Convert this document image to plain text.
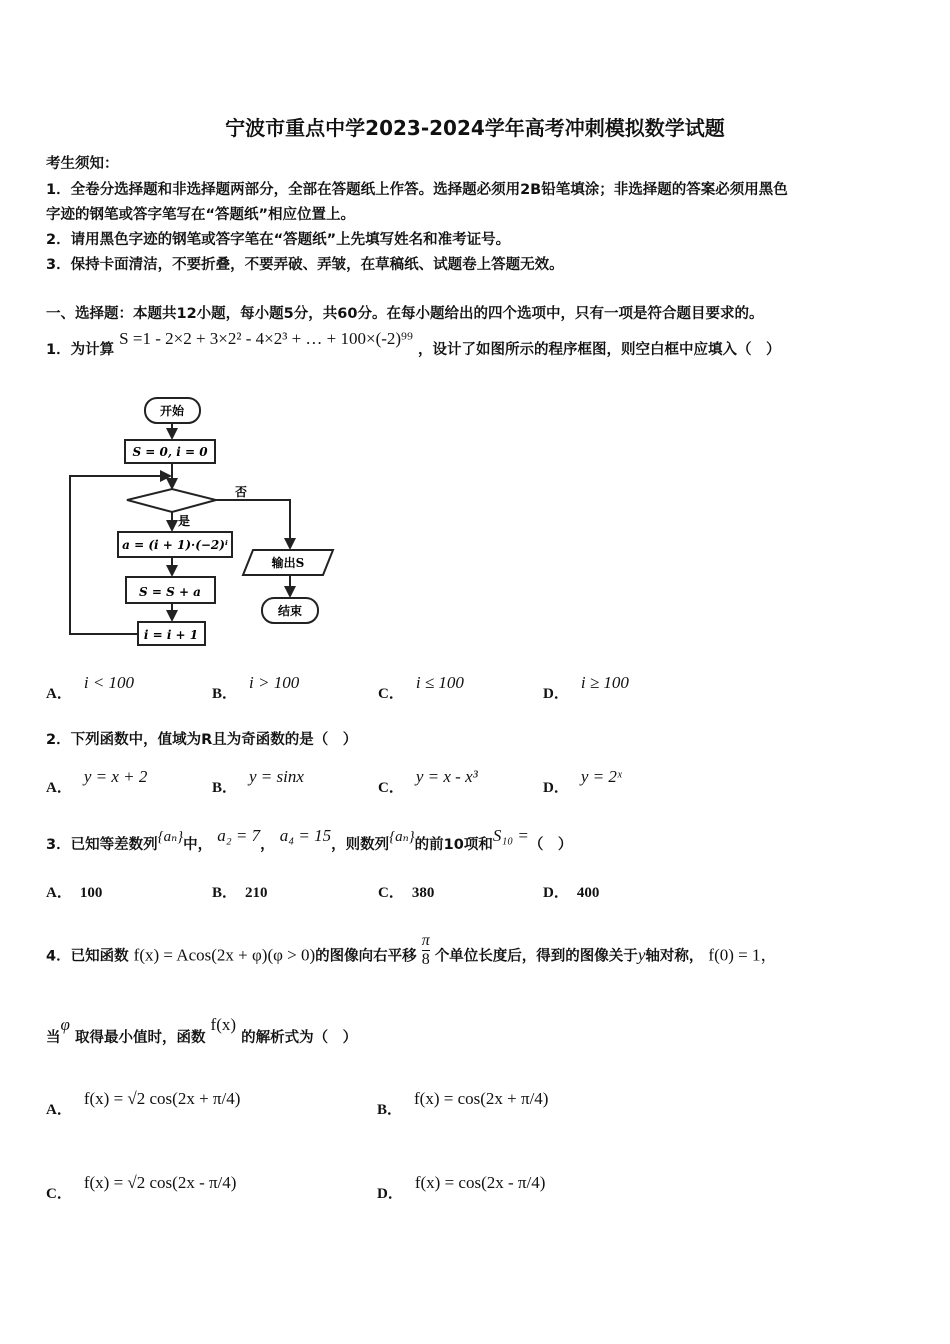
宁波市重点中学2023-2024学年高考冲刺模拟数学试题
考生须知：
1．全卷分选择题和非选择题两部分，全部在答题纸上作答。选择题必须用2B铅笔填涂；非选择题的答案必须用黑色
字迹的钢笔或答字笔写在“答题纸”相应位置上。
2．请用黑色字迹的钢笔或答字笔在“答题纸”上先填写姓名和准考证号。
3．保持卡面清洁，不要折叠，不要弄破、弄皱，在草稿纸、试题卷上答题无效。
一、选择题：本题共12小题，每小题5分，共60分。在每小题给出的四个选项中，只有一项是符合题目要求的。
1．为计算 S =1 - 2×2 + 3×2² - 4×2³ + … + 100×(-2)⁹⁹ ，设计了如图所示的程序框图，则空白框中应填入（　）
开始
S = 0, i = 0
否
是
a = (i + 1)·(−2)ⁱ
S = S + a
i = i + 1
输出S
结束
A．i < 100
B．i > 100
C．i ≤ 100
D．i ≥ 100
2．下列函数中，值域为R且为奇函数的是（　）
A．y = x + 2
B．y = sinx
C．y = x - x³
D．y = 2ˣ
3．已知等差数列{aₙ}中， a₂ = 7， a₄ = 15，则数列{aₙ}的前10项和S₁₀ =（　）
A． 100	B． 210	C． 380	D． 400
4．已知函数 f(x) = Acos(2x + φ)(φ > 0)的图像向右平移 $\frac{\pi}{8}$ 个单位长度后，得到的图像关于y轴对称， f(0) = 1，
当φ 取得最小值时，函数 f(x) 的解析式为（　）
A．f(x) = √2 cos(2x + π/4)
B．f(x) = cos(2x + π/4)
C．f(x) = √2 cos(2x - π/4)
D．f(x) = cos(2x - π/4)
